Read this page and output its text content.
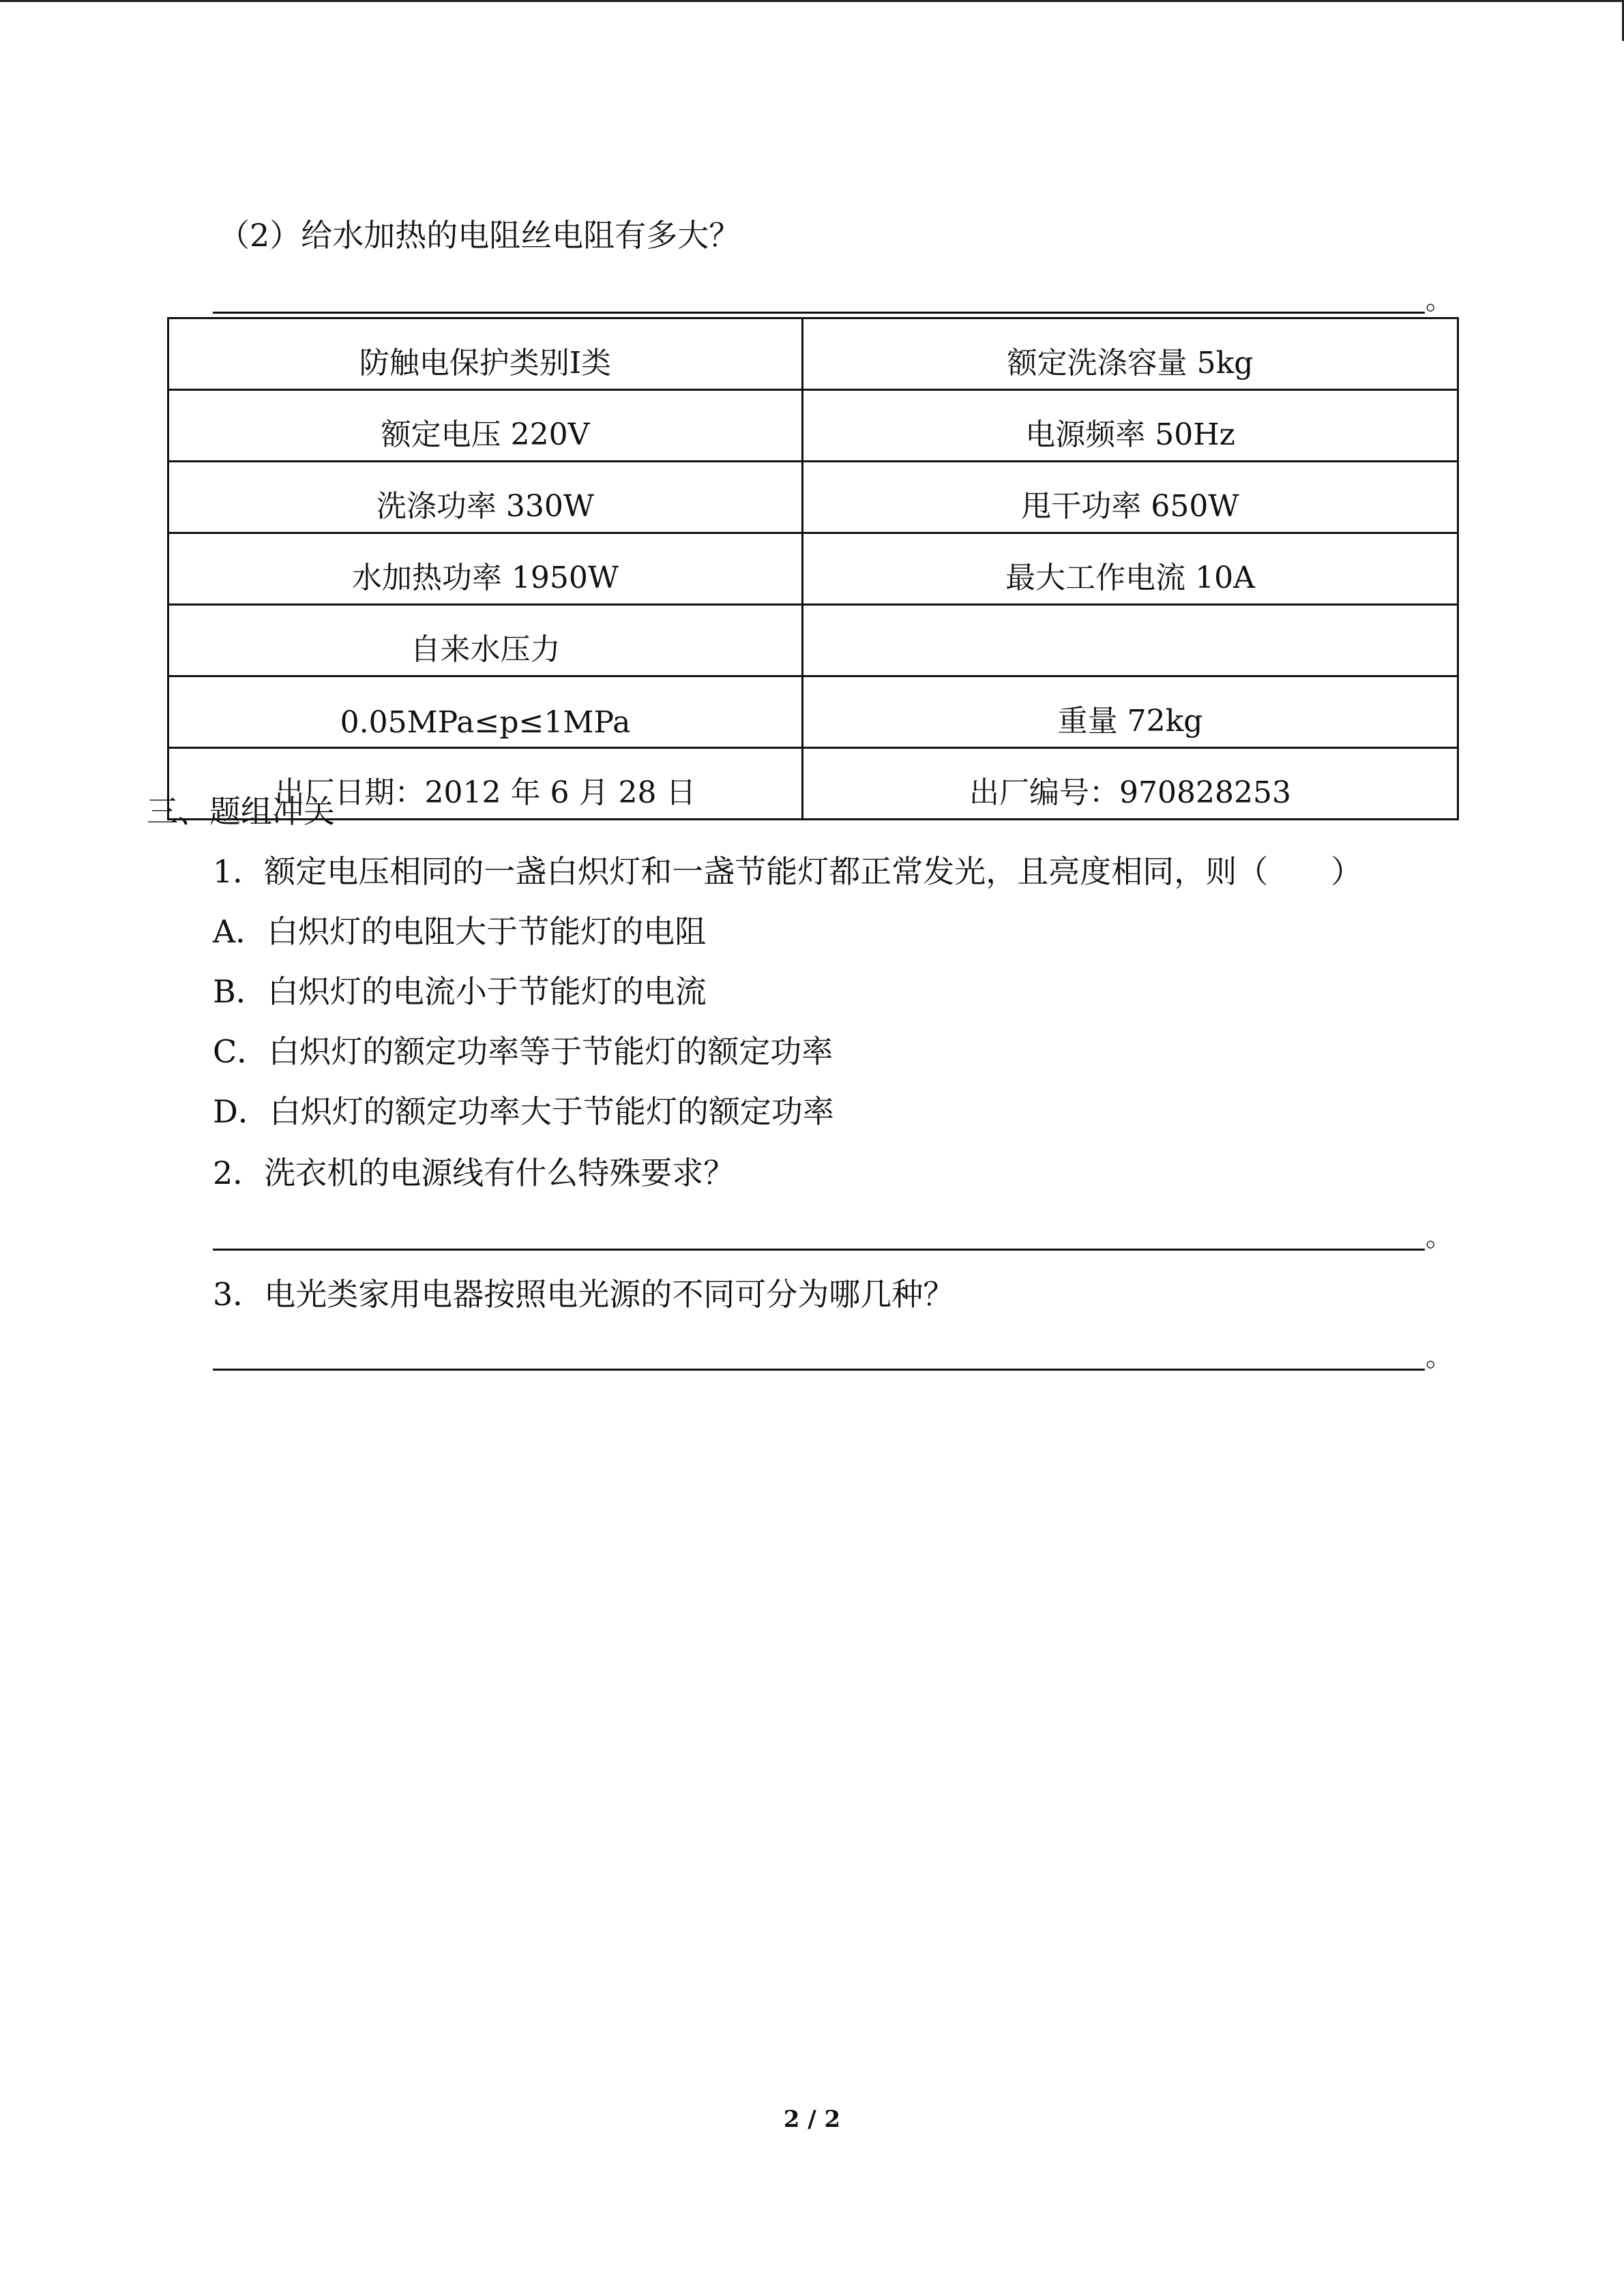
（2）给水加热的电阻丝电阻有多大？
。
防触电保护类别Ⅰ类	额定洗涤容量 5kg
额定电压 220V	电源频率 50Hz
洗涤功率 330W	甩干功率 650W
水加热功率 1950W	最大工作电流 10A
自来水压力	
0.05MPa≤p≤1MPa	重量 72kg
出厂日期：2012 年 6 月 28 日	出厂编号：970828253
三、题组冲关
1．额定电压相同的一盏白炽灯和一盏节能灯都正常发光，且亮度相同，则（　　）
A．白炽灯的电阻大于节能灯的电阻
B．白炽灯的电流小于节能灯的电流
C．白炽灯的额定功率等于节能灯的额定功率
D．白炽灯的额定功率大于节能灯的额定功率
2．洗衣机的电源线有什么特殊要求？
。
3．电光类家用电器按照电光源的不同可分为哪几种？
。
2 / 2
